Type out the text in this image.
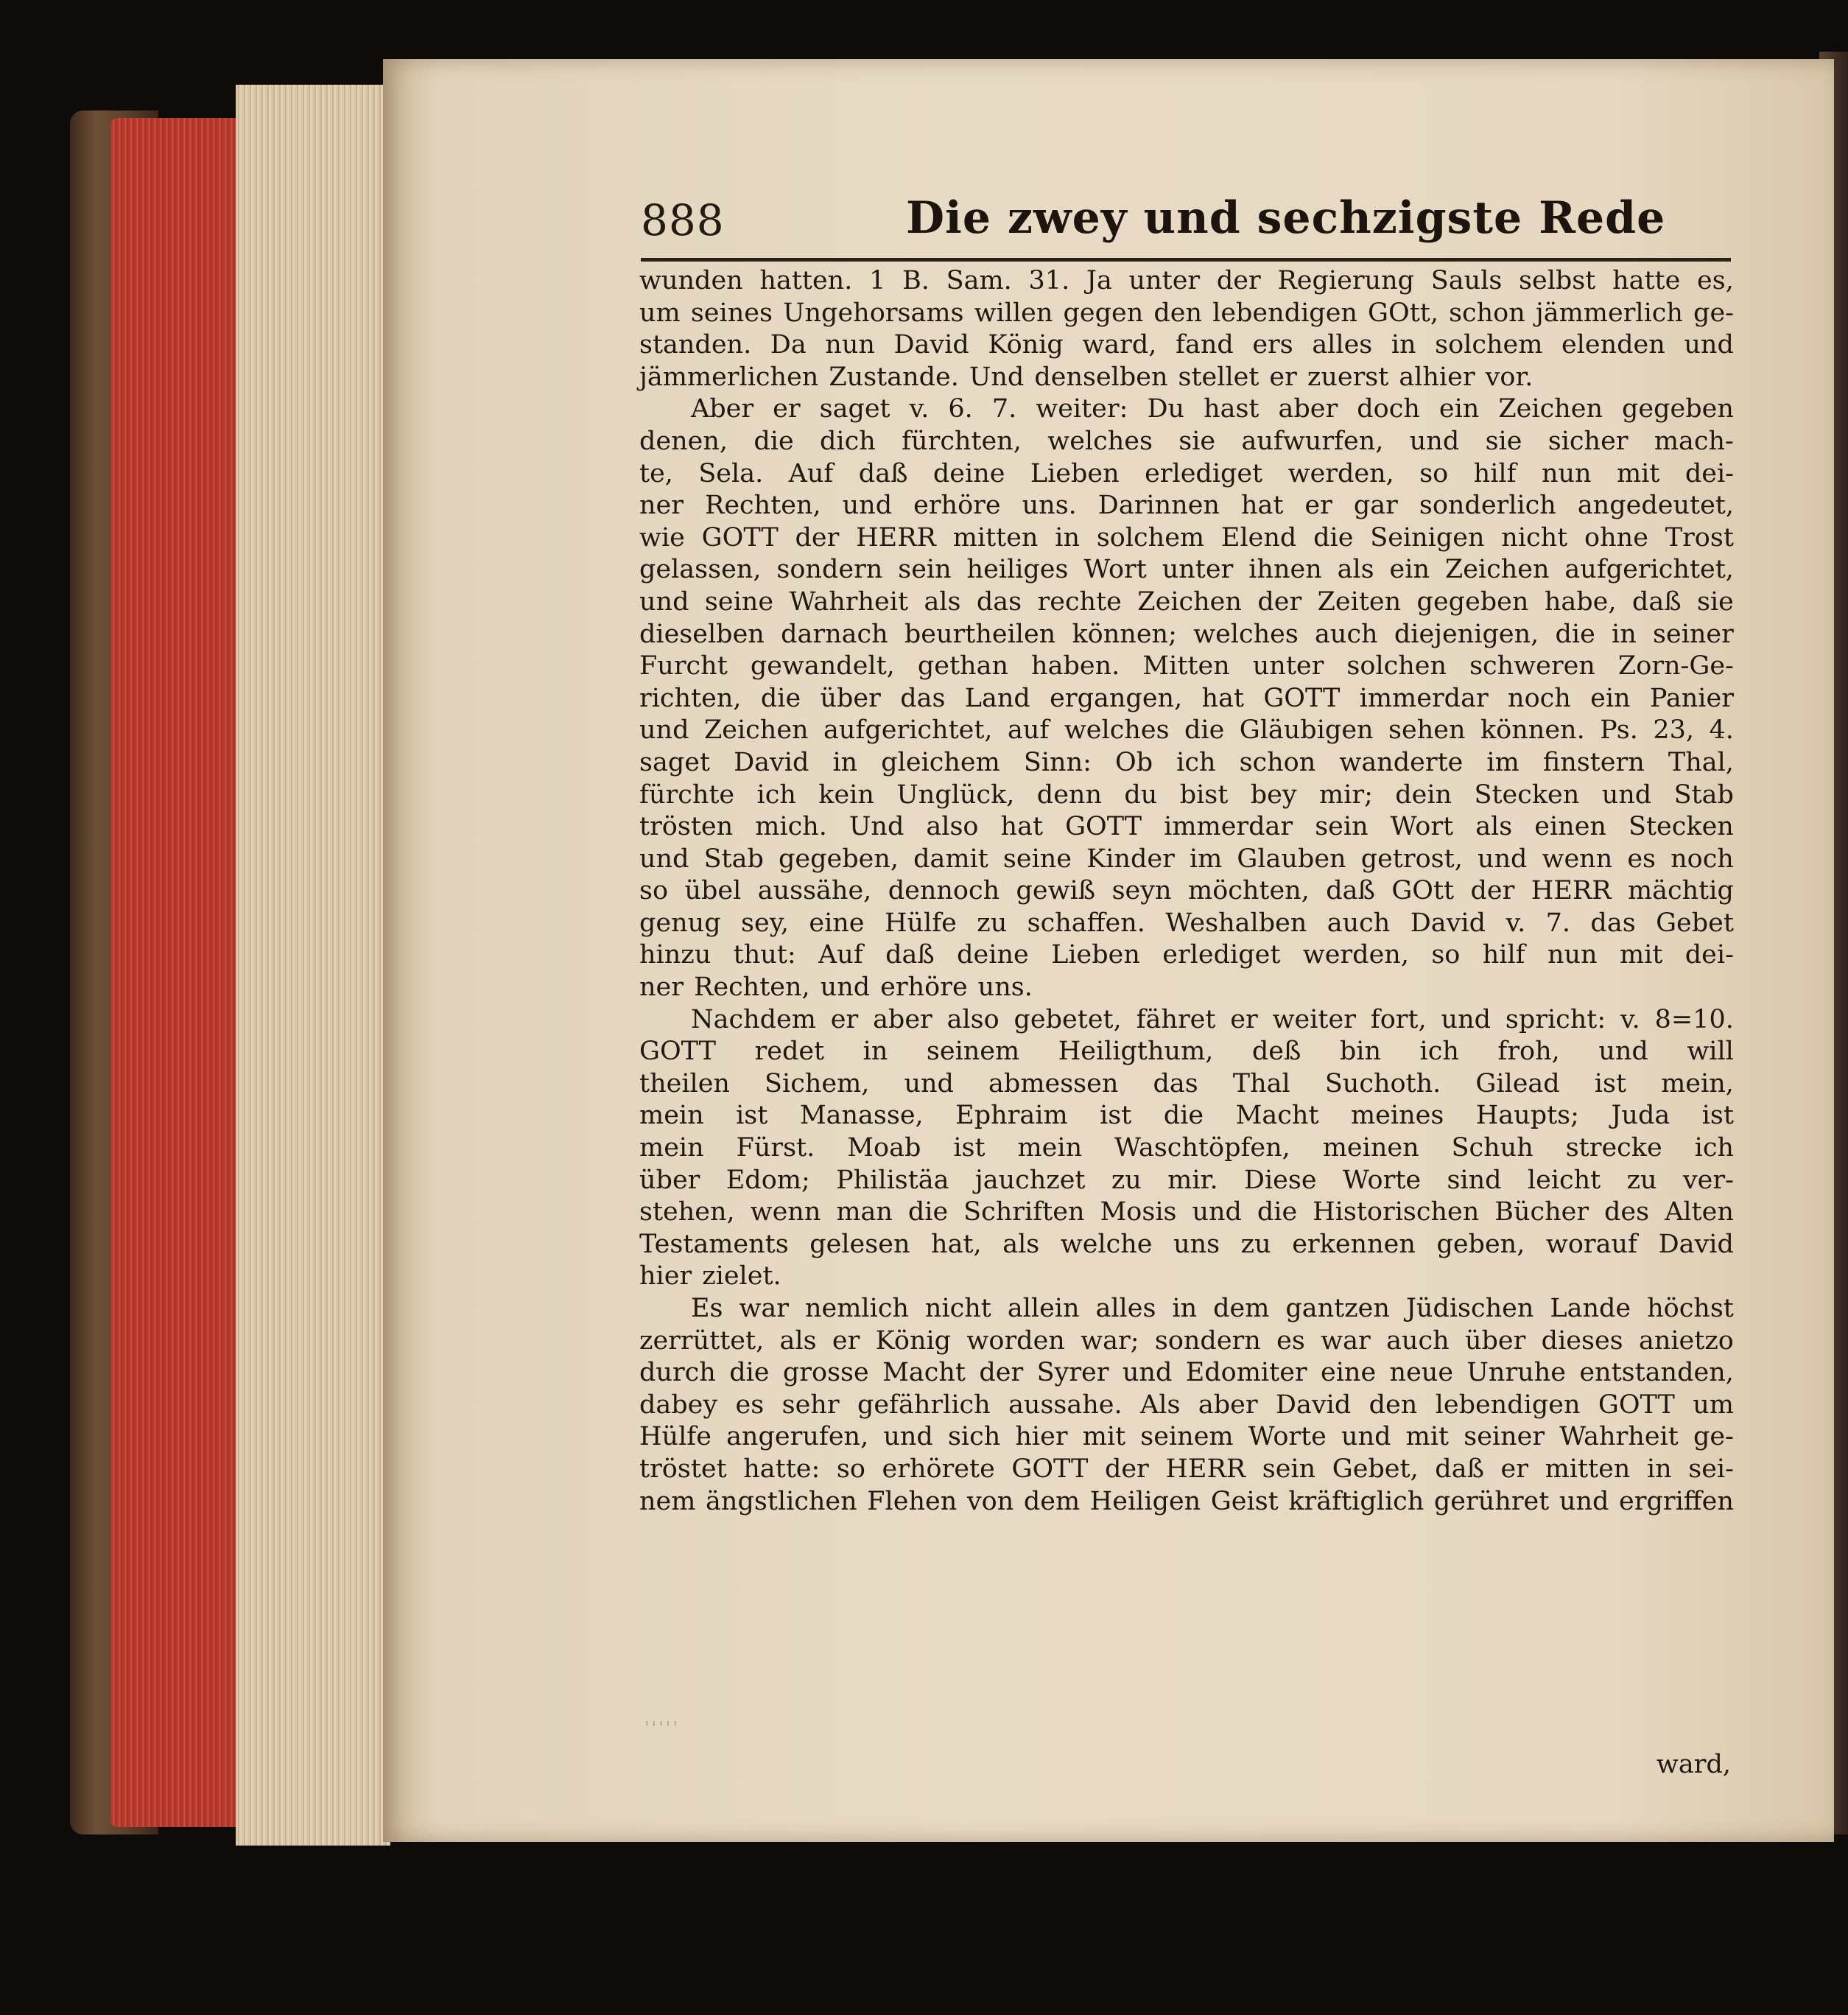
888	Die zwey und sechzigste Rede
wunden hatten. 1 B. Sam. 31. Ja unter der Regierung Sauls selbst hatte es,
um seines Ungehorsams willen gegen den lebendigen GOtt, schon jämmerlich ge-
standen. Da nun David König ward, fand ers alles in solchem elenden und
jämmerlichen Zustande. Und denselben stellet er zuerst alhier vor.
Aber er saget v. 6. 7. weiter: Du hast aber doch ein Zeichen gegeben
denen, die dich fürchten, welches sie aufwurfen, und sie sicher mach-
te, Sela. Auf daß deine Lieben erlediget werden, so hilf nun mit dei-
ner Rechten, und erhöre uns. Darinnen hat er gar sonderlich angedeutet,
wie GOTT der HERR mitten in solchem Elend die Seinigen nicht ohne Trost
gelassen, sondern sein heiliges Wort unter ihnen als ein Zeichen aufgerichtet,
und seine Wahrheit als das rechte Zeichen der Zeiten gegeben habe, daß sie
dieselben darnach beurtheilen können; welches auch diejenigen, die in seiner
Furcht gewandelt, gethan haben. Mitten unter solchen schweren Zorn-Ge-
richten, die über das Land ergangen, hat GOTT immerdar noch ein Panier
und Zeichen aufgerichtet, auf welches die Gläubigen sehen können. Ps. 23, 4.
saget David in gleichem Sinn: Ob ich schon wanderte im finstern Thal,
fürchte ich kein Unglück, denn du bist bey mir; dein Stecken und Stab
trösten mich. Und also hat GOTT immerdar sein Wort als einen Stecken
und Stab gegeben, damit seine Kinder im Glauben getrost, und wenn es noch
so übel aussähe, dennoch gewiß seyn möchten, daß GOtt der HERR mächtig
genug sey, eine Hülfe zu schaffen. Weshalben auch David v. 7. das Gebet
hinzu thut: Auf daß deine Lieben erlediget werden, so hilf nun mit dei-
ner Rechten, und erhöre uns.
Nachdem er aber also gebetet, fähret er weiter fort, und spricht: v. 8=10.
GOTT redet in seinem Heiligthum, deß bin ich froh, und will
theilen Sichem, und abmessen das Thal Suchoth. Gilead ist mein,
mein ist Manasse, Ephraim ist die Macht meines Haupts; Juda ist
mein Fürst. Moab ist mein Waschtöpfen, meinen Schuh strecke ich
über Edom; Philistäa jauchzet zu mir. Diese Worte sind leicht zu ver-
stehen, wenn man die Schriften Mosis und die Historischen Bücher des Alten
Testaments gelesen hat, als welche uns zu erkennen geben, worauf David
hier zielet.
Es war nemlich nicht allein alles in dem gantzen Jüdischen Lande höchst
zerrüttet, als er König worden war; sondern es war auch über dieses anietzo
durch die grosse Macht der Syrer und Edomiter eine neue Unruhe entstanden,
dabey es sehr gefährlich aussahe. Als aber David den lebendigen GOTT um
Hülfe angerufen, und sich hier mit seinem Worte und mit seiner Wahrheit ge-
tröstet hatte: so erhörete GOTT der HERR sein Gebet, daß er mitten in sei-
nem ängstlichen Flehen von dem Heiligen Geist kräftiglich gerühret und ergriffen
ꞌꞌꞌꞌꞌ
ward,
